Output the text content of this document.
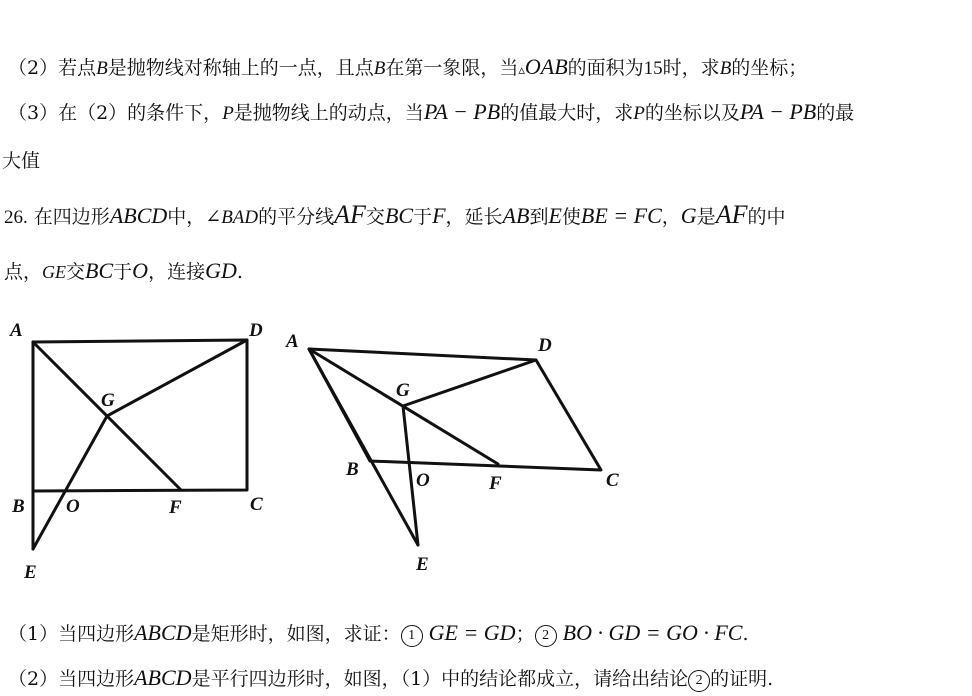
（2）若点B是抛物线对称轴上的一点，且点B在第一象限，当▵OAB的面积为15时，求B的坐标；
（3）在（2）的条件下，P是抛物线上的动点，当PA − PB的值最大时，求P的坐标以及PA − PB的最
大值
26. 在四边形ABCD中，∠BAD的平分线AF交BC于F，延长AB到E使BE = FC，G是AF的中
点，GE交BC于O，连接GD.
A	D
G
B O	F	C
E
A	D
G
B
O	F	C
E
（1）当四边形ABCD是矩形时，如图，求证： 1 GE = GD； 2 BO · GD = GO · FC.
（2）当四边形ABCD是平行四边形时，如图，（1）中的结论都成立，请给出结论 2 的证明.
